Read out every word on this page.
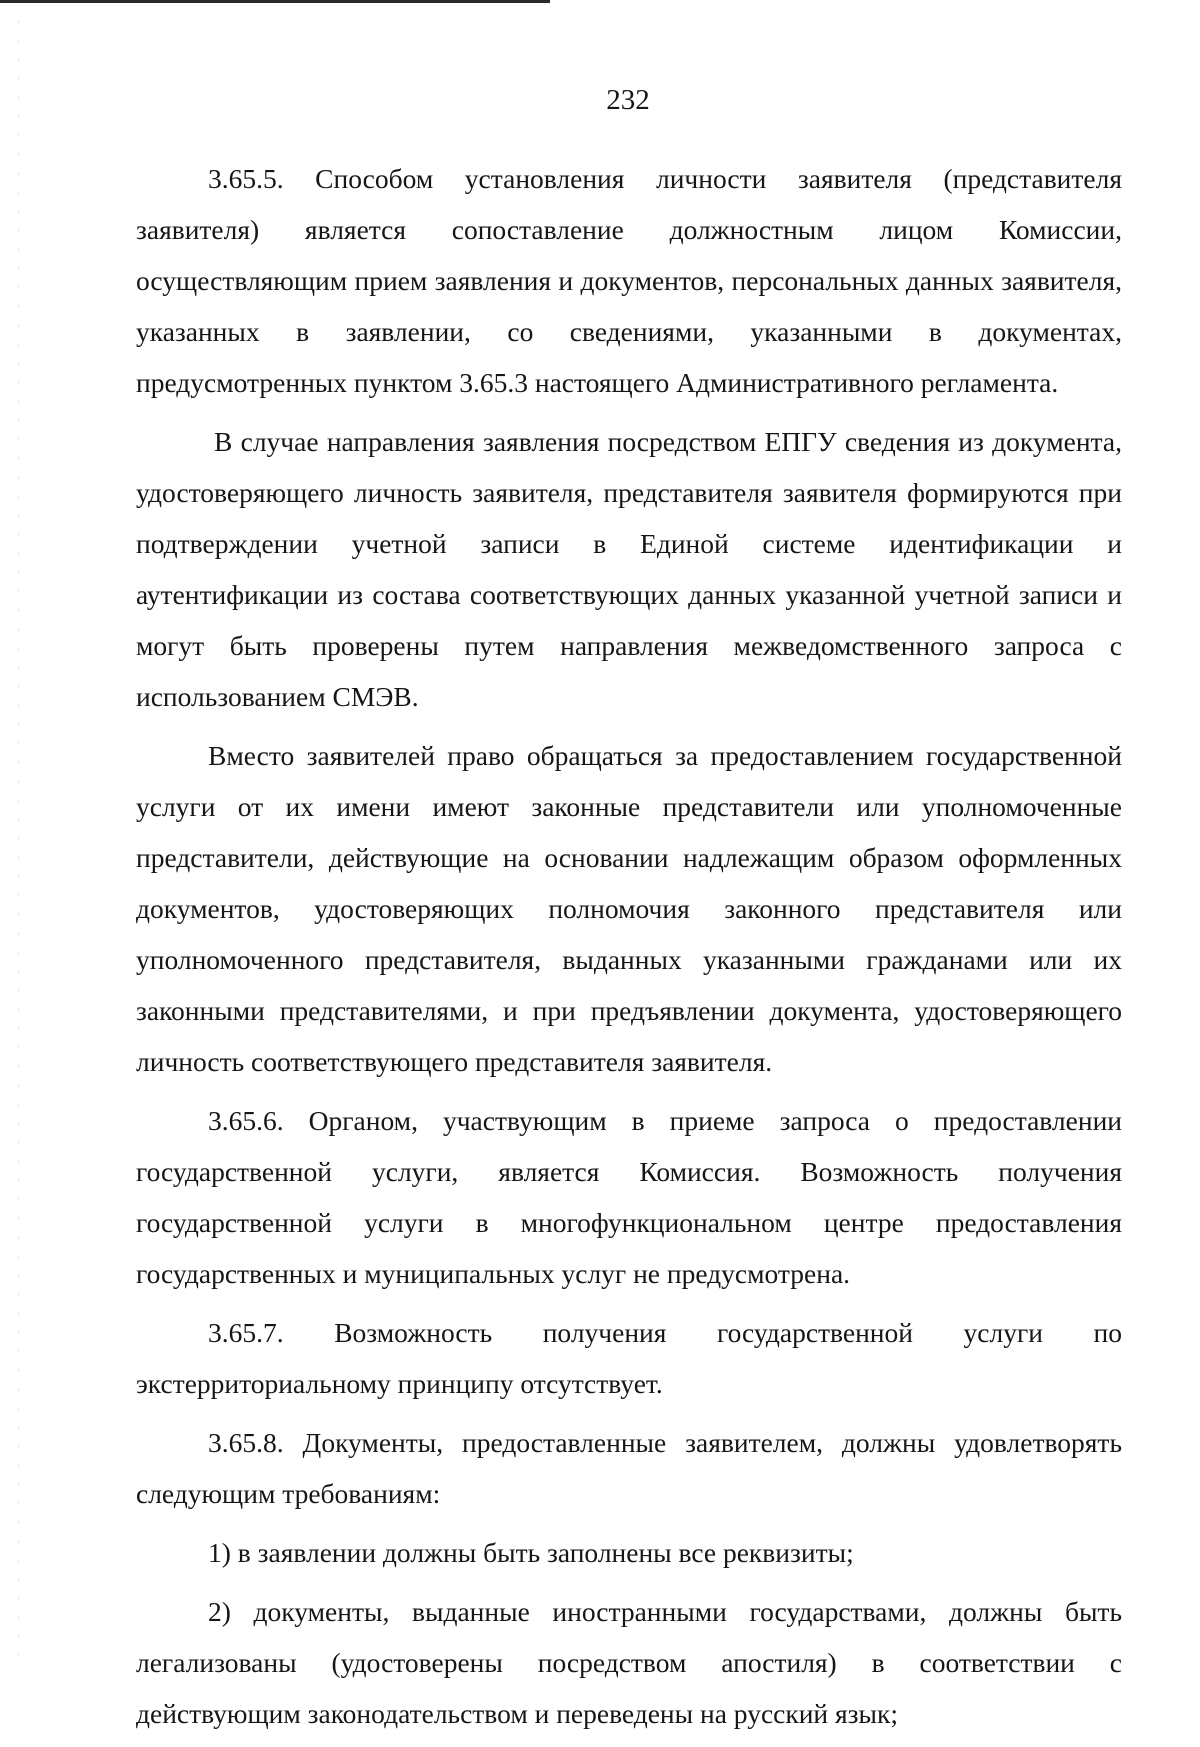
232

3.65.5. Способом установления личности заявителя (представителя заявителя) является сопоставление должностным лицом Комиссии, осуществляющим прием заявления и документов, персональных данных заявителя, указанных в заявлении, со сведениями, указанными в документах, предусмотренных пунктом 3.65.3 настоящего Административного регламента.

В случае направления заявления посредством ЕПГУ сведения из документа, удостоверяющего личность заявителя, представителя заявителя формируются при подтверждении учетной записи в Единой системе идентификации и аутентификации из состава соответствующих данных указанной учетной записи и могут быть проверены путем направления межведомственного запроса с использованием СМЭВ.

Вместо заявителей право обращаться за предоставлением государственной услуги от их имени имеют законные представители или уполномоченные представители, действующие на основании надлежащим образом оформленных документов, удостоверяющих полномочия законного представителя или уполномоченного представителя, выданных указанными гражданами или их законными представителями, и при предъявлении документа, удостоверяющего личность соответствующего представителя заявителя.

3.65.6. Органом, участвующим в приеме запроса о предоставлении государственной услуги, является Комиссия. Возможность получения государственной услуги в многофункциональном центре предоставления государственных и муниципальных услуг не предусмотрена.

3.65.7. Возможность получения государственной услуги по экстерриториальному принципу отсутствует.

3.65.8. Документы, предоставленные заявителем, должны удовлетворять следующим требованиям:

1) в заявлении должны быть заполнены все реквизиты;

2) документы, выданные иностранными государствами, должны быть легализованы (удостоверены посредством апостиля) в соответствии с действующим законодательством и переведены на русский язык;
